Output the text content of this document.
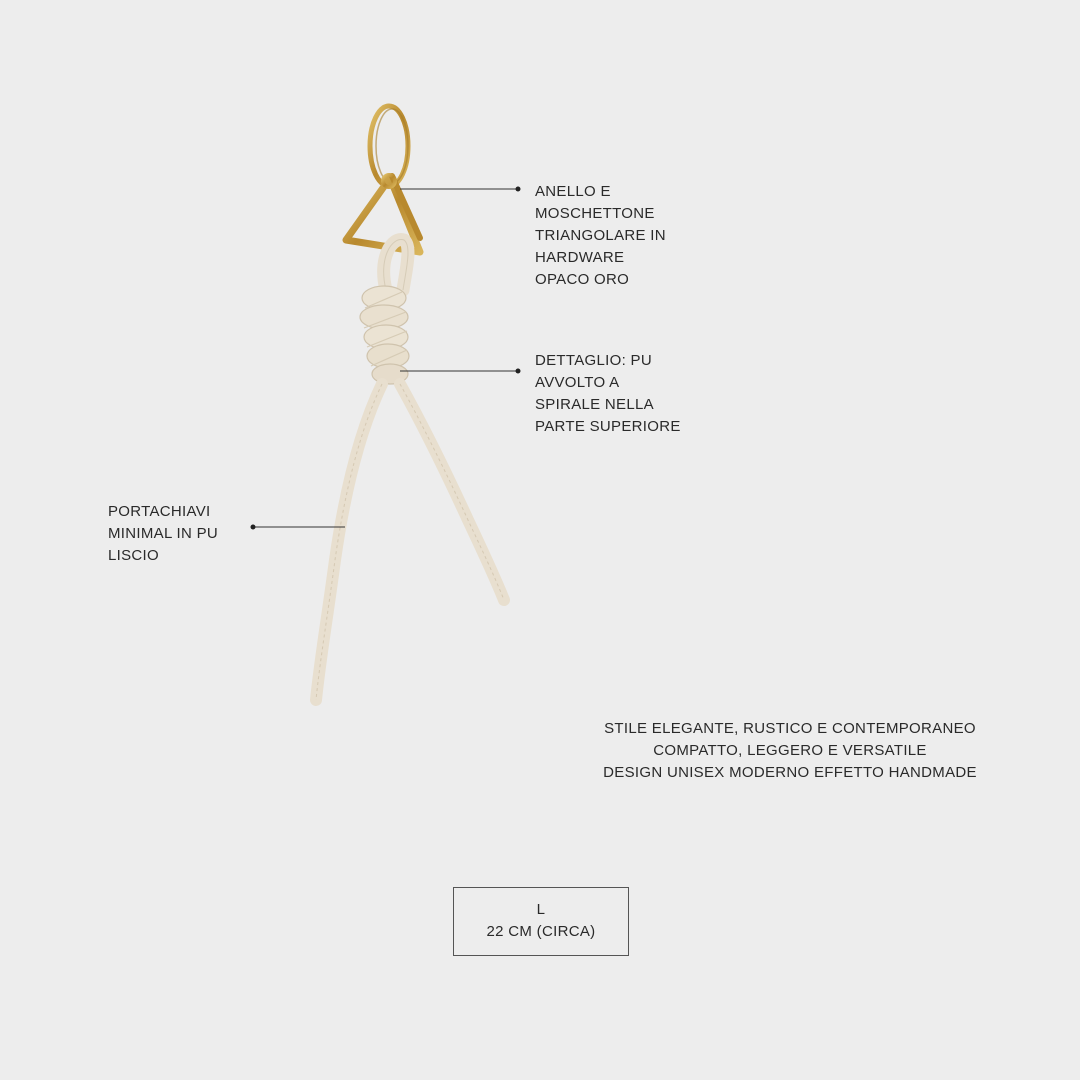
ANELLO E
MOSCHETTONE
TRIANGOLARE IN
HARDWARE
OPACO ORO
DETTAGLIO: PU
AVVOLTO A
SPIRALE NELLA
PARTE SUPERIORE
PORTACHIAVI
MINIMAL IN PU
LISCIO
STILE ELEGANTE, RUSTICO E CONTEMPORANEO
COMPATTO, LEGGERO E VERSATILE
DESIGN UNISEX MODERNO EFFETTO HANDMADE
L
22 CM (CIRCA)
